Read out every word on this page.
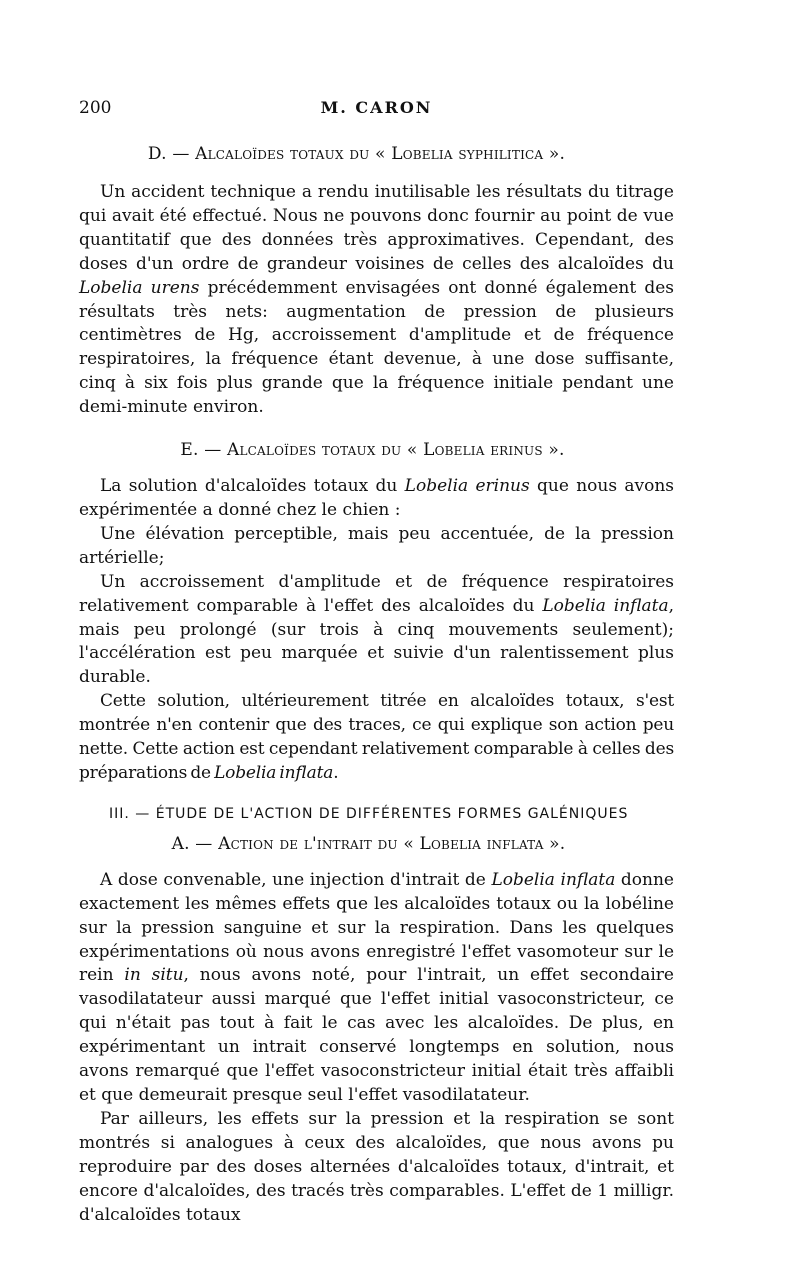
200	M. CARON
D. — Alcaloïdes totaux du « Lobelia syphilitica ».

Un accident technique a rendu inutilisable les résultats du titrage qui avait été effectué. Nous ne pouvons donc fournir au point de vue quantitatif que des données très approximatives. Cependant, des doses d'un ordre de grandeur voisines de celles des alcaloïdes du Lobelia urens précédemment envisagées ont donné également des résultats très nets: augmentation de pression de plusieurs centimètres de Hg, accroissement d'amplitude et de fréquence respiratoires, la fréquence étant devenue, à une dose suffisante, cinq à six fois plus grande que la fréquence initiale pendant une demi-minute environ.

E. — Alcaloïdes totaux du « Lobelia erinus ».

La solution d'alcaloïdes totaux du Lobelia erinus que nous avons expérimentée a donné chez le chien :

Une élévation perceptible, mais peu accentuée, de la pression artérielle;

Un accroissement d'amplitude et de fréquence respiratoires relativement comparable à l'effet des alcaloïdes du Lobelia inflata, mais peu prolongé (sur trois à cinq mouvements seulement); l'accélération est peu marquée et suivie d'un ralentissement plus durable.

Cette solution, ultérieurement titrée en alcaloïdes totaux, s'est montrée n'en contenir que des traces, ce qui explique son action peu nette. Cette action est cependant relativement comparable à celles des préparations de Lobelia inflata.

III. — ÉTUDE DE L'ACTION DE DIFFÉRENTES FORMES GALÉNIQUES
A. — Action de l'intrait du « Lobelia inflata ».

A dose convenable, une injection d'intrait de Lobelia inflata donne exactement les mêmes effets que les alcaloïdes totaux ou la lobéline sur la pression sanguine et sur la respiration. Dans les quelques expérimentations où nous avons enregistré l'effet vasomoteur sur le rein in situ, nous avons noté, pour l'intrait, un effet secondaire vasodilatateur aussi marqué que l'effet initial vasoconstricteur, ce qui n'était pas tout à fait le cas avec les alcaloïdes. De plus, en expérimentant un intrait conservé longtemps en solution, nous avons remarqué que l'effet vasoconstricteur initial était très affaibli et que demeurait presque seul l'effet vasodilatateur.

Par ailleurs, les effets sur la pression et la respiration se sont montrés si analogues à ceux des alcaloïdes, que nous avons pu reproduire par des doses alternées d'alcaloïdes totaux, d'intrait, et encore d'alcaloïdes, des tracés très comparables. L'effet de 1 milligr. d'alcaloïdes totaux
